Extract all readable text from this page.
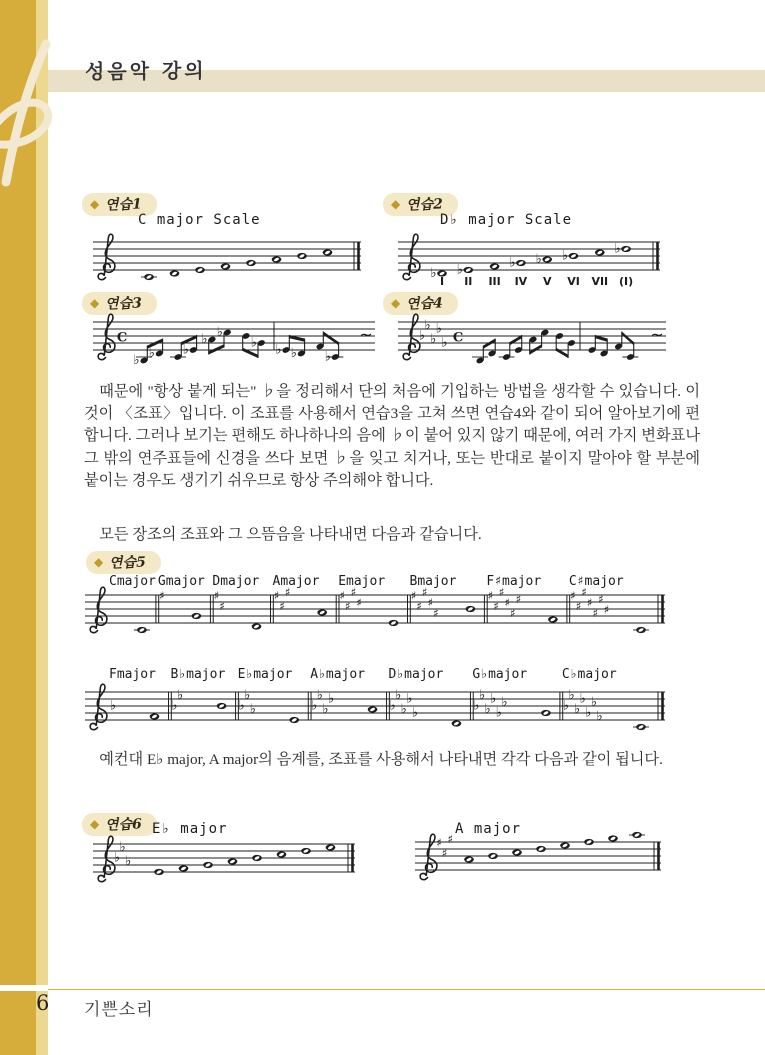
성음악 강의
◆ 연습1	◆ 연습2
◆ 연습3	◆ 연습4
◆ 연습5
◆ 연습6
C major Scale	D♭ major Scale
E♭ major	A major
♭
I
♭
II III
♭
IV
♭
V
♭
VI VII
♭
(I)
C
♭ ♭ ♭
♭ ♭
♭ ♭ ♭ ♭
~	♭
♭
♭
♭
♭ C	~
Cmajor Gmajor Dmajor Amajor Emajor Bmajor F♯major C♯major
♯	♯
♯
♯
♯
♯	♯
♯
♯
♯	♯
♯
♯
♯
♯
♯
♯
♯
♯
♯
♯	♯
♯
♯
♯
♯
♯
♯
Fmajor B♭major E♭major A♭major D♭major G♭major	C♭major
♭	♭
♭
♭
♭
♭	♭
♭
♭
♭	♭
♭
♭
♭
♭	♭
♭
♭
♭
♭
♭	♭
♭
♭
♭
♭
♭
♭
♭
♭
♭
♯
♯
♯

때문에 "항상 붙게 되는" ♭을 정리해서 단의 처음에 기입하는 방법을 생각할 수 있습니다. 이것이 〈조표〉입니다. 이 조표를 사용해서 연습3을 고쳐 쓰면 연습4와 같이 되어 알아보기에 편합니다. 그러나 보기는 편해도 하나하나의 음에 ♭이 붙어 있지 않기 때문에, 여러 가지 변화표나 그 밖의 연주표들에 신경을 쓰다 보면 ♭을 잊고 치거나, 또는 반대로 붙이지 말아야 할 부분에 붙이는 경우도 생기기 쉬우므로 항상 주의해야 합니다.

모든 장조의 조표와 그 으뜸음을 나타내면 다음과 같습니다.

예컨대 E♭ major, A major의 음계를, 조표를 사용해서 나타내면 각각 다음과 같이 됩니다.

6 기쁜소리
